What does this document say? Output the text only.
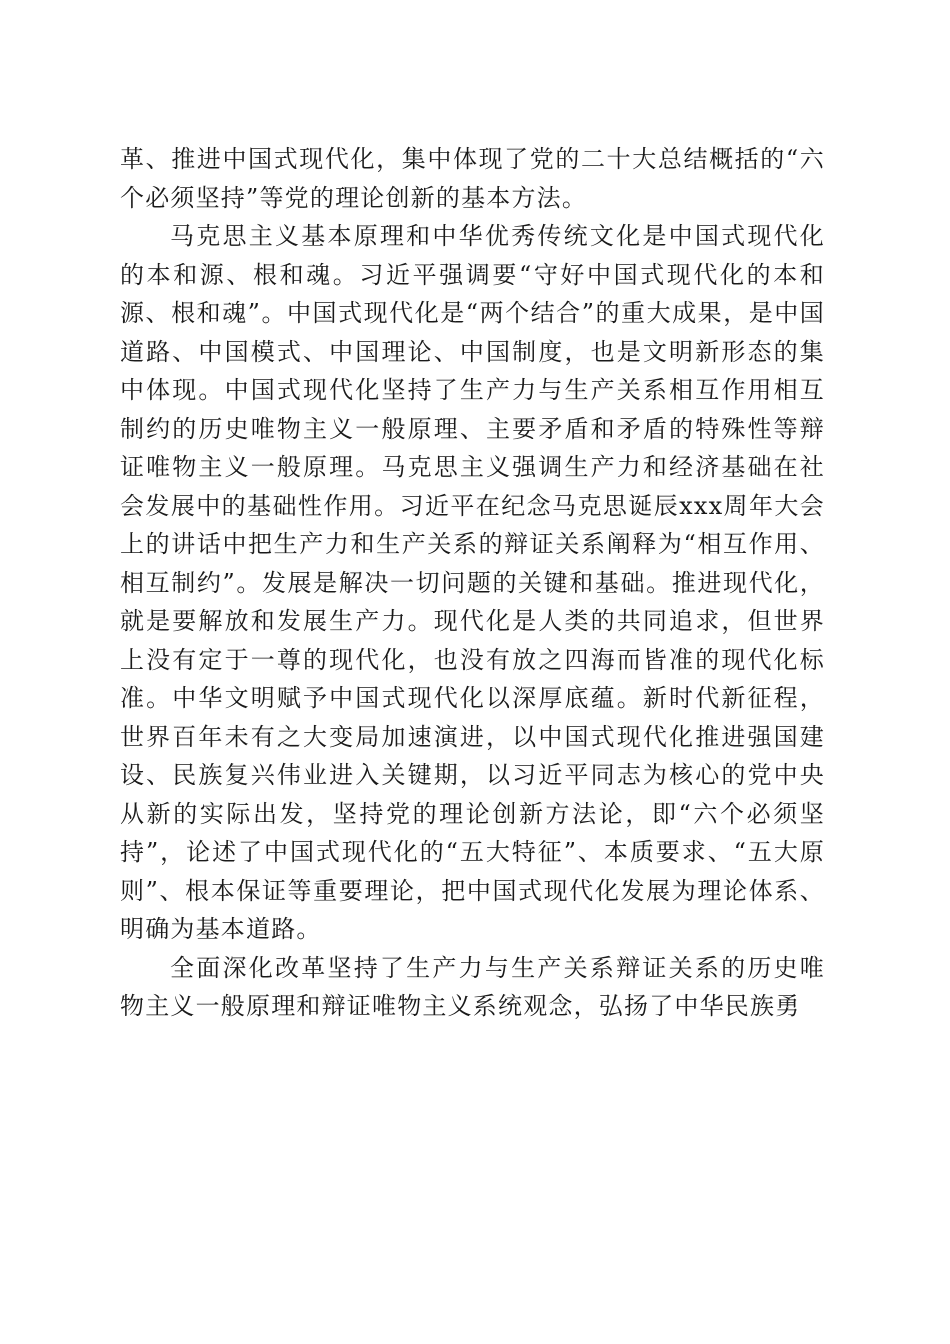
革、推进中国式现代化，集中体现了党的二十大总结概括的“六个必须坚持”等党的理论创新的基本方法。

马克思主义基本原理和中华优秀传统文化是中国式现代化的本和源、根和魂。习近平强调要“守好中国式现代化的本和源、根和魂”。中国式现代化是“两个结合”的重大成果，是中国道路、中国模式、中国理论、中国制度，也是文明新形态的集中体现。中国式现代化坚持了生产力与生产关系相互作用相互制约的历史唯物主义一般原理、主要矛盾和矛盾的特殊性等辩证唯物主义一般原理。马克思主义强调生产力和经济基础在社会发展中的基础性作用。习近平在纪念马克思诞辰xxx周年大会上的讲话中把生产力和生产关系的辩证关系阐释为“相互作用、相互制约”。发展是解决一切问题的关键和基础。推进现代化，就是要解放和发展生产力。现代化是人类的共同追求，但世界上没有定于一尊的现代化，也没有放之四海而皆准的现代化标准。中华文明赋予中国式现代化以深厚底蕴。新时代新征程，世界百年未有之大变局加速演进，以中国式现代化推进强国建设、民族复兴伟业进入关键期，以习近平同志为核心的党中央从新的实际出发，坚持党的理论创新方法论，即“六个必须坚持”，论述了中国式现代化的“五大特征”、本质要求、“五大原则”、根本保证等重要理论，把中国式现代化发展为理论体系、明确为基本道路。

全面深化改革坚持了生产力与生产关系辩证关系的历史唯物主义一般原理和辩证唯物主义系统观念，弘扬了中华民族勇
